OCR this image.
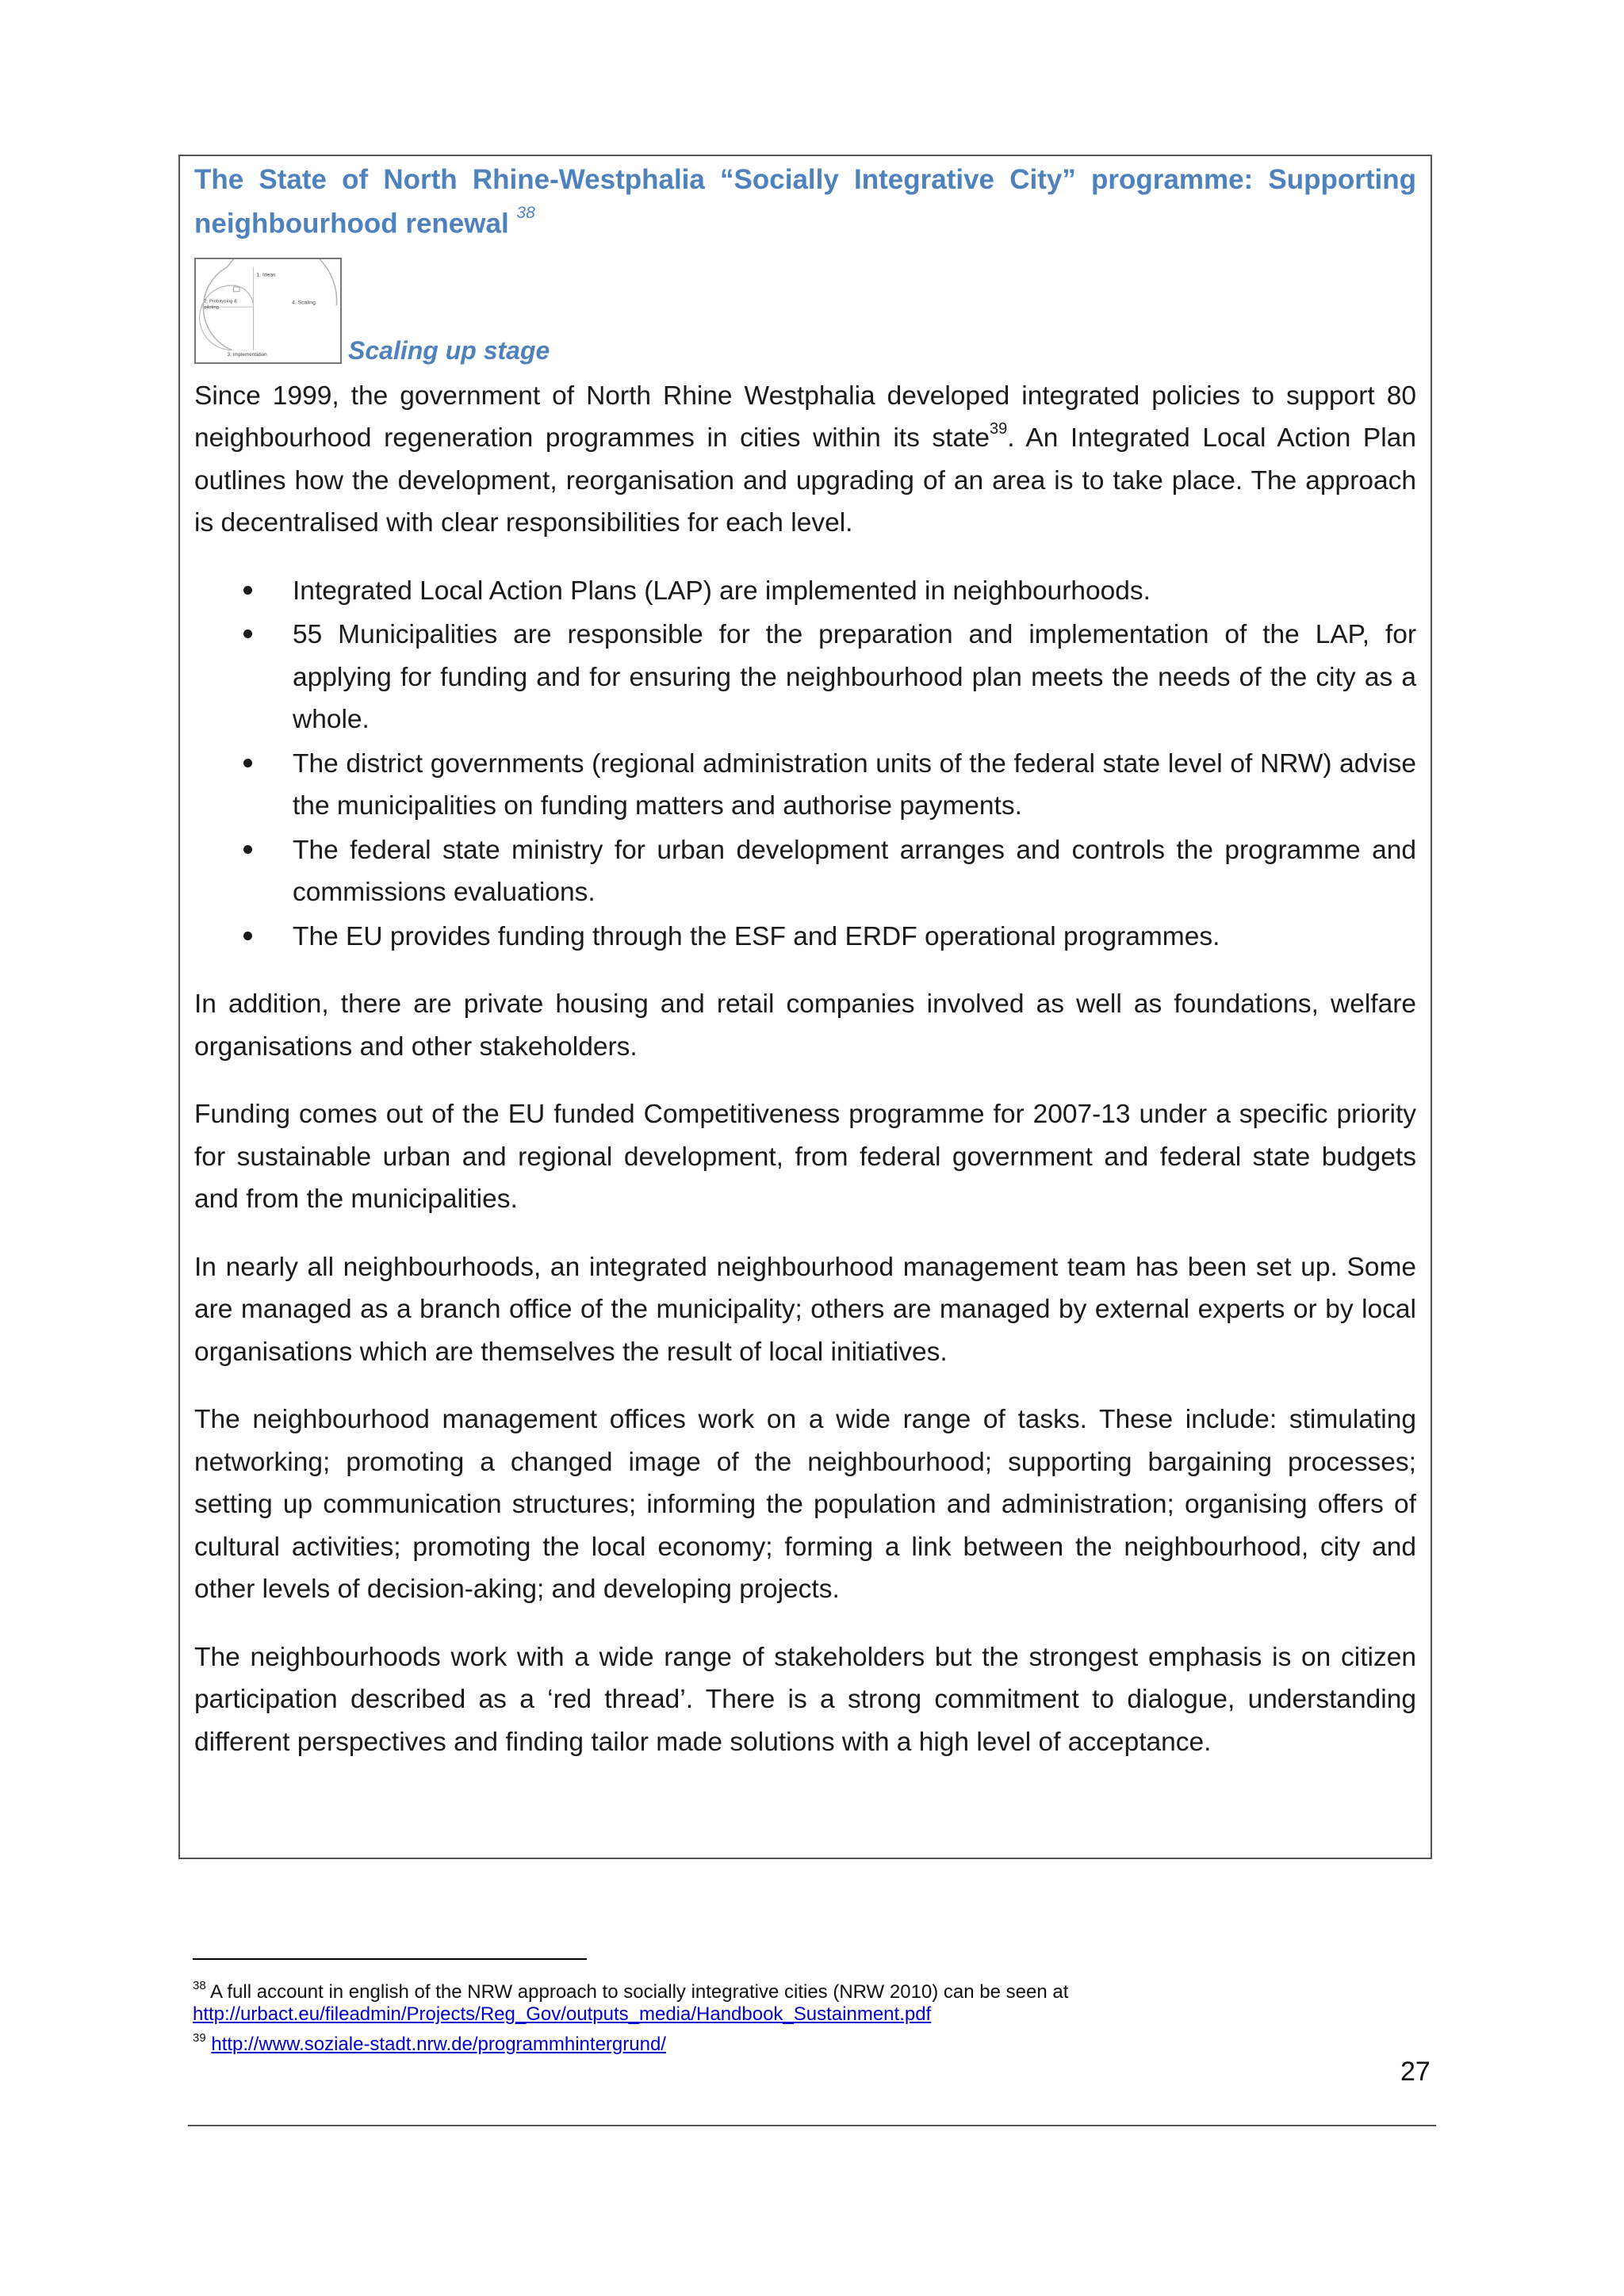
The State of North Rhine-Westphalia “Socially Integrative City” programme: Supporting neighbourhood renewal $^{38}$

1. Ideas
2. Prototyping &
piloting
4. Scaling
3. Implementation	Scaling up stage

Since 1999, the government of North Rhine Westphalia developed integrated policies to support 80 neighbourhood regeneration programmes in cities within its state$^{39}$. An Integrated Local Action Plan outlines how the development, reorganisation and upgrading of an area is to take place. The approach is decentralised with clear responsibilities for each level.

Integrated Local Action Plans (LAP) are implemented in neighbourhoods.
55 Municipalities are responsible for the preparation and implementation of the LAP, for applying for funding and for ensuring the neighbourhood plan meets the needs of the city as a whole.
The district governments (regional administration units of the federal state level of NRW) advise the municipalities on funding matters and authorise payments.
The federal state ministry for urban development arranges and controls the programme and commissions evaluations.
The EU provides funding through the ESF and ERDF operational programmes.

In addition, there are private housing and retail companies involved as well as foundations, welfare organisations and other stakeholders.

Funding comes out of the EU funded Competitiveness programme for 2007-13 under a specific priority for sustainable urban and regional development, from federal government and federal state budgets and from the municipalities.

In nearly all neighbourhoods, an integrated neighbourhood management team has been set up. Some are managed as a branch office of the municipality; others are managed by external experts or by local organisations which are themselves the result of local initiatives.

The neighbourhood management offices work on a wide range of tasks. These include: stimulating networking; promoting a changed image of the neighbourhood; supporting bargaining processes; setting up communication structures; informing the population and administration; organising offers of cultural activities; promoting the local economy; forming a link between the neighbourhood, city and other levels of decision-aking; and developing projects.

The neighbourhoods work with a wide range of stakeholders but the strongest emphasis is on citizen participation described as a ‘red thread’. There is a strong commitment to dialogue, understanding different perspectives and finding tailor made solutions with a high level of acceptance.

$^{38}$ A full account in english of the NRW approach to socially integrative cities (NRW 2010) can be seen at
http://urbact.eu/fileadmin/Projects/Reg_Gov/outputs_media/Handbook_Sustainment.pdf
$^{39}$ http://www.soziale-stadt.nrw.de/programmhintergrund/
27
